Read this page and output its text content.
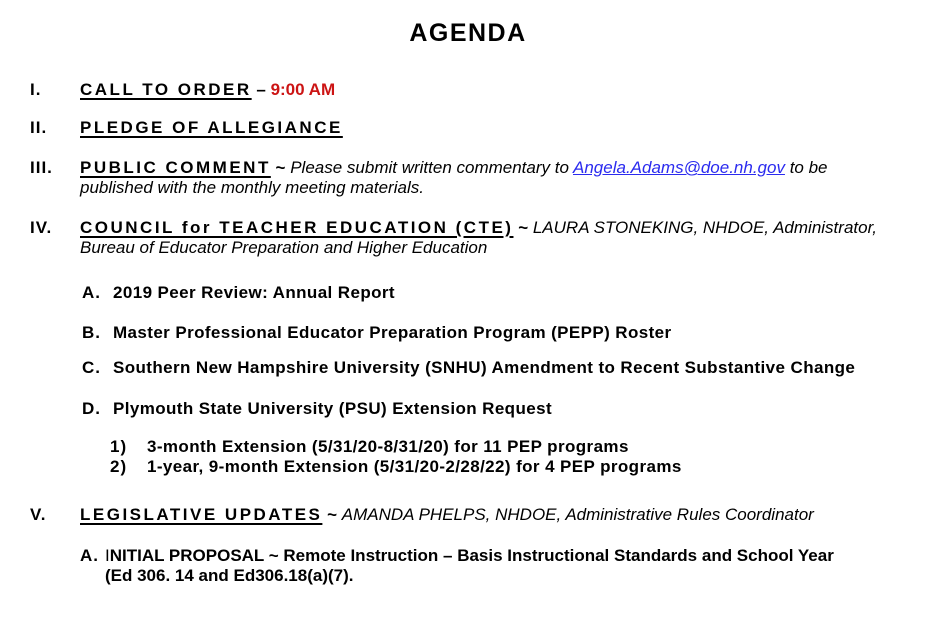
AGENDA
I.	CALL TO ORDER – 9:00 AM
II.	PLEDGE OF ALLEGIANCE
III.	PUBLIC COMMENT ~ Please submit written commentary to Angela.Adams@doe.nh.gov to be published with the monthly meeting materials.
IV.	COUNCIL for TEACHER EDUCATION (CTE) ~ LAURA STONEKING, NHDOE, Administrator, Bureau of Educator Preparation and Higher Education
A. 2019 Peer Review: Annual Report
B. Master Professional Educator Preparation Program (PEPP) Roster
C. Southern New Hampshire University (SNHU) Amendment to Recent Substantive Change
D. Plymouth State University (PSU) Extension Request
1)	3-month Extension (5/31/20-8/31/20) for 11 PEP programs
2)	1-year, 9-month Extension (5/31/20-2/28/22) for 4 PEP programs
V.	LEGISLATIVE UPDATES ~ AMANDA PHELPS, NHDOE, Administrative Rules Coordinator
A. INITIAL PROPOSAL ~ Remote Instruction – Basis Instructional Standards and School Year (Ed 306. 14 and Ed306.18(a)(7).
